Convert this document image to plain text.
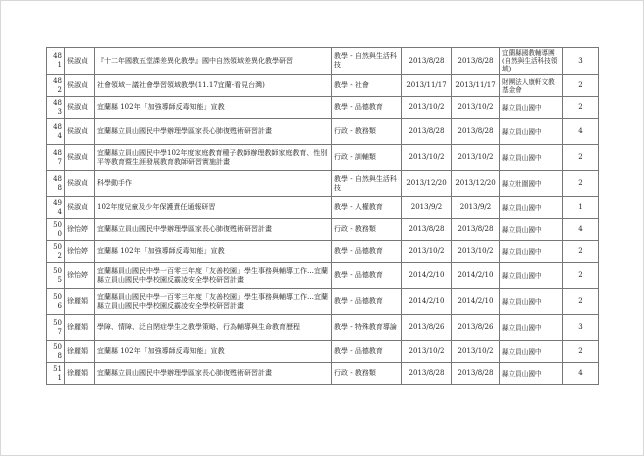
481	侯淑貞	『十二年國教五堂課差異化教學』國中自然領域差異化教學研習	教學 - 自然與生活科技	2013/8/28	2013/8/28	宜蘭縣國教輔導團(自然與生活科技領域)	3

482	侯淑貞	社會領域－議社會學習領域教學(11.17宜蘭-看見台灣)	教學 - 社會	2013/11/17	2013/11/17	財團法人康軒文教基金會	2

483	侯淑貞	宜蘭縣 102年「加強導師反毒知能」宣教	教學 - 品德教育	2013/10/2	2013/10/2	縣立員山國中	2

484	侯淑貞	宜蘭縣立員山國民中學辦理學區家長心肺復甦術研習計畫	行政 - 教務類	2013/8/28	2013/8/28	縣立員山國中	4

487	侯淑貞	宜蘭縣立員山國民中學102年度家庭教育種子教師辦理教師家庭教育、性別平等教育暨生涯發展教育教師研習實施計畫	行政 - 訓輔類	2013/10/2	2013/10/2	縣立員山國中	2

488	侯淑貞	科學動手作	教學 - 自然與生活科技	2013/12/20	2013/12/20	縣立壯圍國中	2

494	侯淑貞	102年度兒童及少年保護責任通報研習	教學 - 人權教育	2013/9/2	2013/9/2	縣立員山國中	1

500	徐怡婷	宜蘭縣立員山國民中學辦理學區家長心肺復甦術研習計畫	行政 - 教務類	2013/8/28	2013/8/28	縣立員山國中	4

502	徐怡婷	宜蘭縣 102年「加強導師反毒知能」宣教	教學 - 品德教育	2013/10/2	2013/10/2	縣立員山國中	2

505	徐怡婷	宜蘭縣員山國民中學一百零三年度「友善校園」學生事務與輔導工作…宜蘭縣立員山國民中學校園反霸凌安全學校研習計畫	教學 - 品德教育	2014/2/10	2014/2/10	縣立員山國中	2

506	徐麗娟	宜蘭縣員山國民中學一百零三年度「友善校園」學生事務與輔導工作…宜蘭縣立員山國民中學校園反霸凌安全學校研習計畫	教學 - 品德教育	2014/2/10	2014/2/10	縣立員山國中	2

507	徐麗娟	學障、情障、泛自閉症學生之教學策略、行為輔導與生命教育歷程	教學 - 特殊教育導論	2013/8/26	2013/8/26	縣立員山國中	3

508	徐麗娟	宜蘭縣 102年「加強導師反毒知能」宣教	教學 - 品德教育	2013/10/2	2013/10/2	縣立員山國中	2

511	徐麗娟	宜蘭縣立員山國民中學辦理學區家長心肺復甦術研習計畫	行政 - 教務類	2013/8/28	2013/8/28	縣立員山國中	4
